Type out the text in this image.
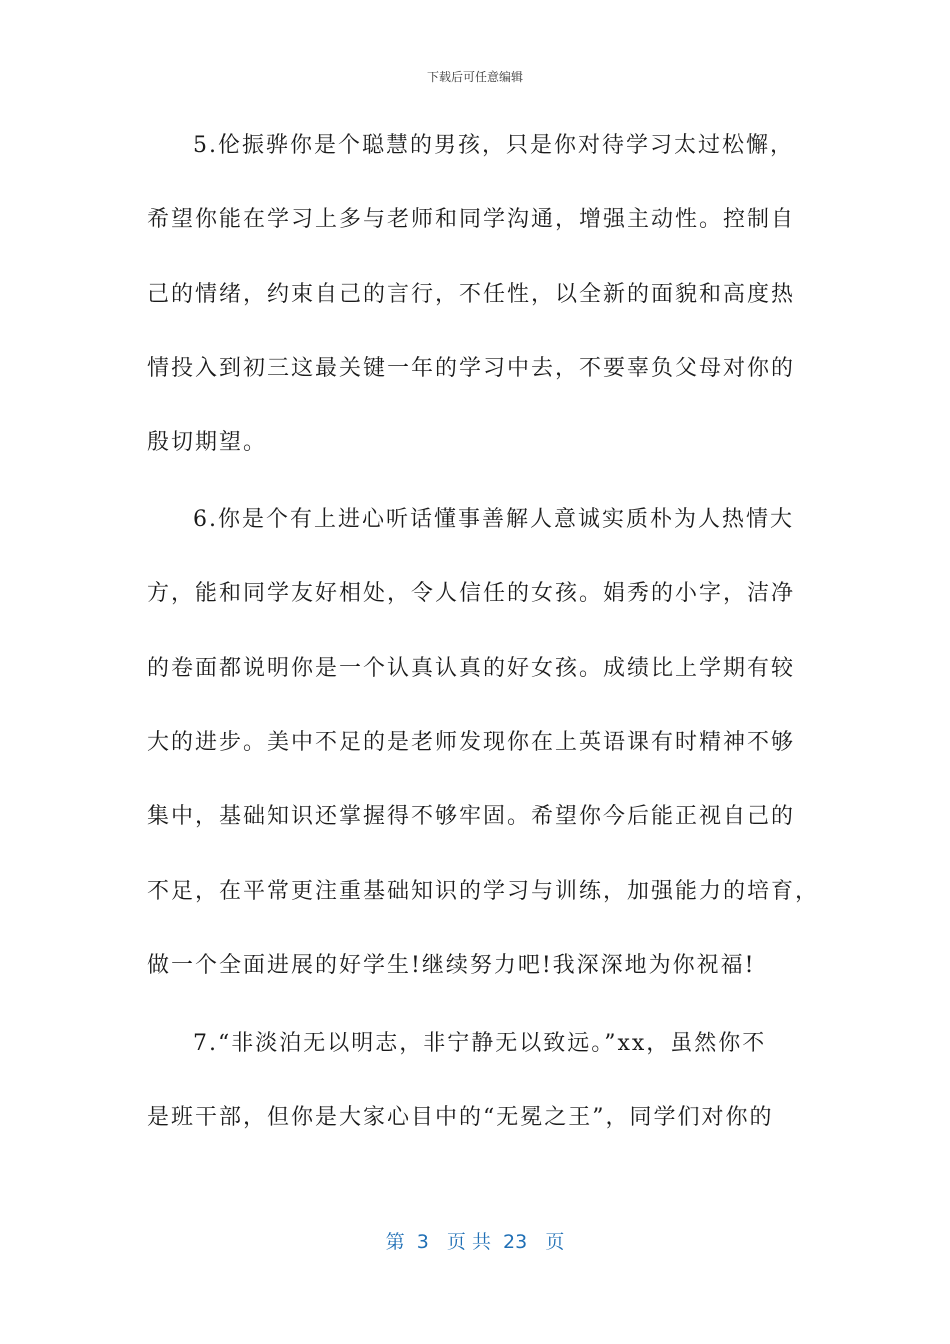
下载后可任意编辑
5.伦振骅你是个聪慧的男孩，只是你对待学习太过松懈，
希望你能在学习上多与老师和同学沟通，增强主动性。控制自
己的情绪，约束自己的言行，不任性，以全新的面貌和高度热
情投入到初三这最关键一年的学习中去，不要辜负父母对你的
殷切期望。
6.你是个有上进心听话懂事善解人意诚实质朴为人热情大
方，能和同学友好相处，令人信任的女孩。娟秀的小字，洁净
的卷面都说明你是一个认真认真的好女孩。成绩比上学期有较
大的进步。美中不足的是老师发现你在上英语课有时精神不够
集中，基础知识还掌握得不够牢固。希望你今后能正视自己的
不足，在平常更注重基础知识的学习与训练，加强能力的培育，
做一个全面进展的好学生!继续努力吧!我深深地为你祝福!
7.“非淡泊无以明志，非宁静无以致远。”xx，虽然你不
是班干部，但你是大家心目中的“无冕之王”，同学们对你的
第  3   页 共  23   页
